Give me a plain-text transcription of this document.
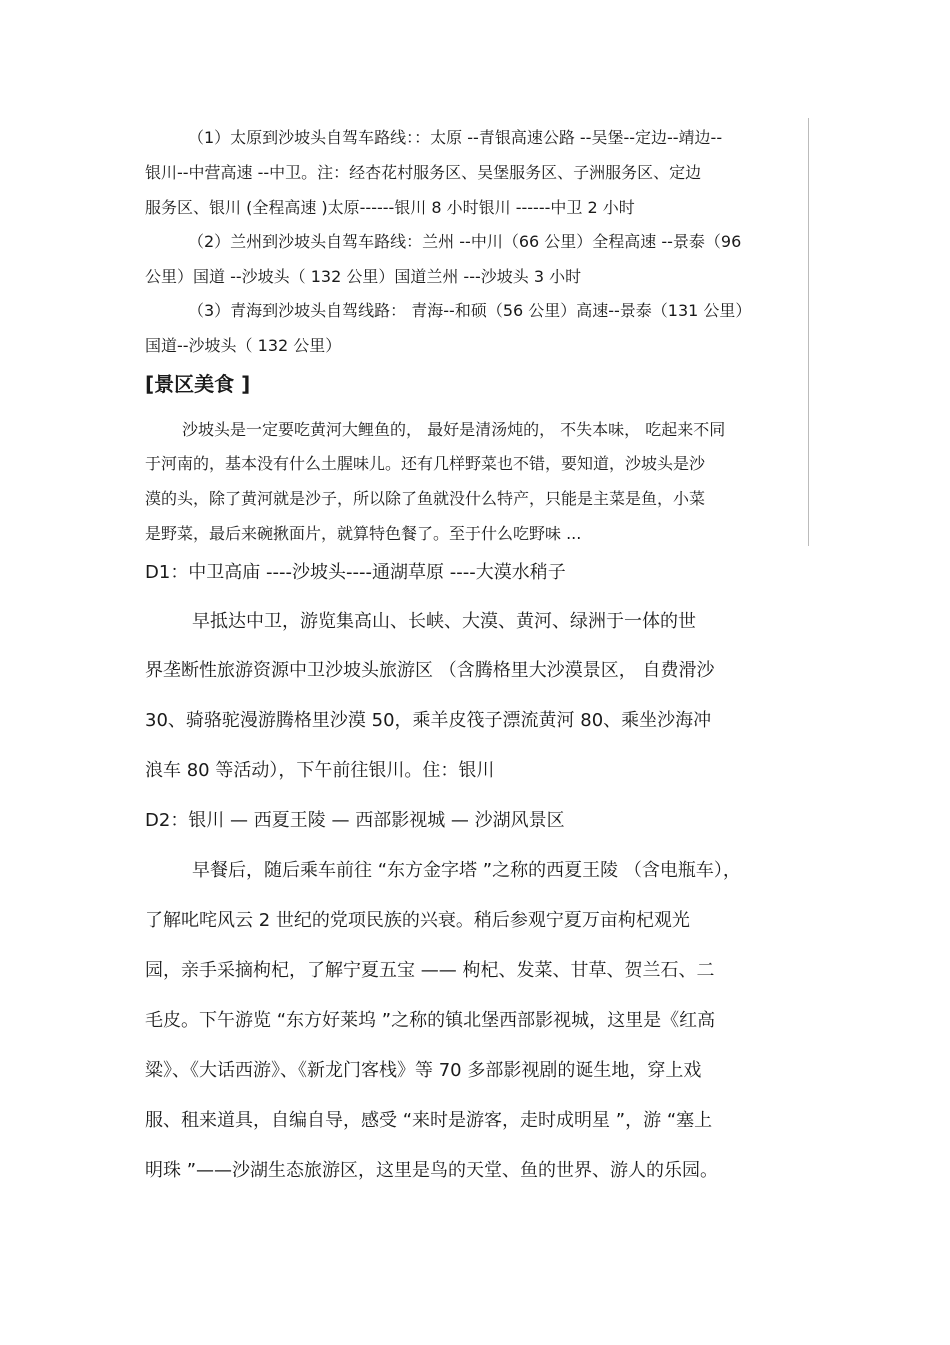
（1）太原到沙坡头自驾车路线：：太原 --青银高速公路 --吴堡--定边--靖边--
银川--中营高速 --中卫。注：经杏花村服务区、吴堡服务区、子洲服务区、定边
服务区、银川 (全程高速 )太原------银川 8 小时银川 ------中卫 2 小时
（2）兰州到沙坡头自驾车路线：兰州 --中川（66 公里）全程高速 --景泰（96
公里）国道 --沙坡头（ 132 公里）国道兰州 ---沙坡头 3 小时
（3）青海到沙坡头自驾线路： 青海--和硕（56 公里）高速--景泰（131 公里）
国道--沙坡头（ 132 公里）
[景区美食 ]
沙坡头是一定要吃黄河大鲤鱼的， 最好是清汤炖的， 不失本味， 吃起来不同
于河南的，基本没有什么土腥味儿。还有几样野菜也不错，要知道，沙坡头是沙
漠的头，除了黄河就是沙子，所以除了鱼就没什么特产，只能是主菜是鱼，小菜
是野菜，最后来碗揪面片，就算特色餐了。至于什么吃野味 ...
D1：中卫高庙 ----沙坡头----通湖草原 ----大漠水稍子
早抵达中卫，游览集高山、长峡、大漠、黄河、绿洲于一体的世
界垄断性旅游资源中卫沙坡头旅游区 （含腾格里大沙漠景区， 自费滑沙
30、骑骆驼漫游腾格里沙漠 50，乘羊皮筏子漂流黄河 80、乘坐沙海冲
浪车 80 等活动），下午前往银川。住：银川
D2：银川 — 西夏王陵 — 西部影视城 — 沙湖风景区
早餐后，随后乘车前往 “东方金字塔 ”之称的西夏王陵 （含电瓶车），
了解叱咤风云 2 世纪的党项民族的兴衰。稍后参观宁夏万亩枸杞观光
园，亲手采摘枸杞，了解宁夏五宝 —— 枸杞、发菜、甘草、贺兰石、二
毛皮。下午游览 “东方好莱坞 ”之称的镇北堡西部影视城，这里是《红高
粱》、《大话西游》、《新龙门客栈》等 70 多部影视剧的诞生地，穿上戏
服、租来道具，自编自导，感受 “来时是游客，走时成明星 ”，游 “塞上
明珠 ”——沙湖生态旅游区，这里是鸟的天堂、鱼的世界、游人的乐园。
